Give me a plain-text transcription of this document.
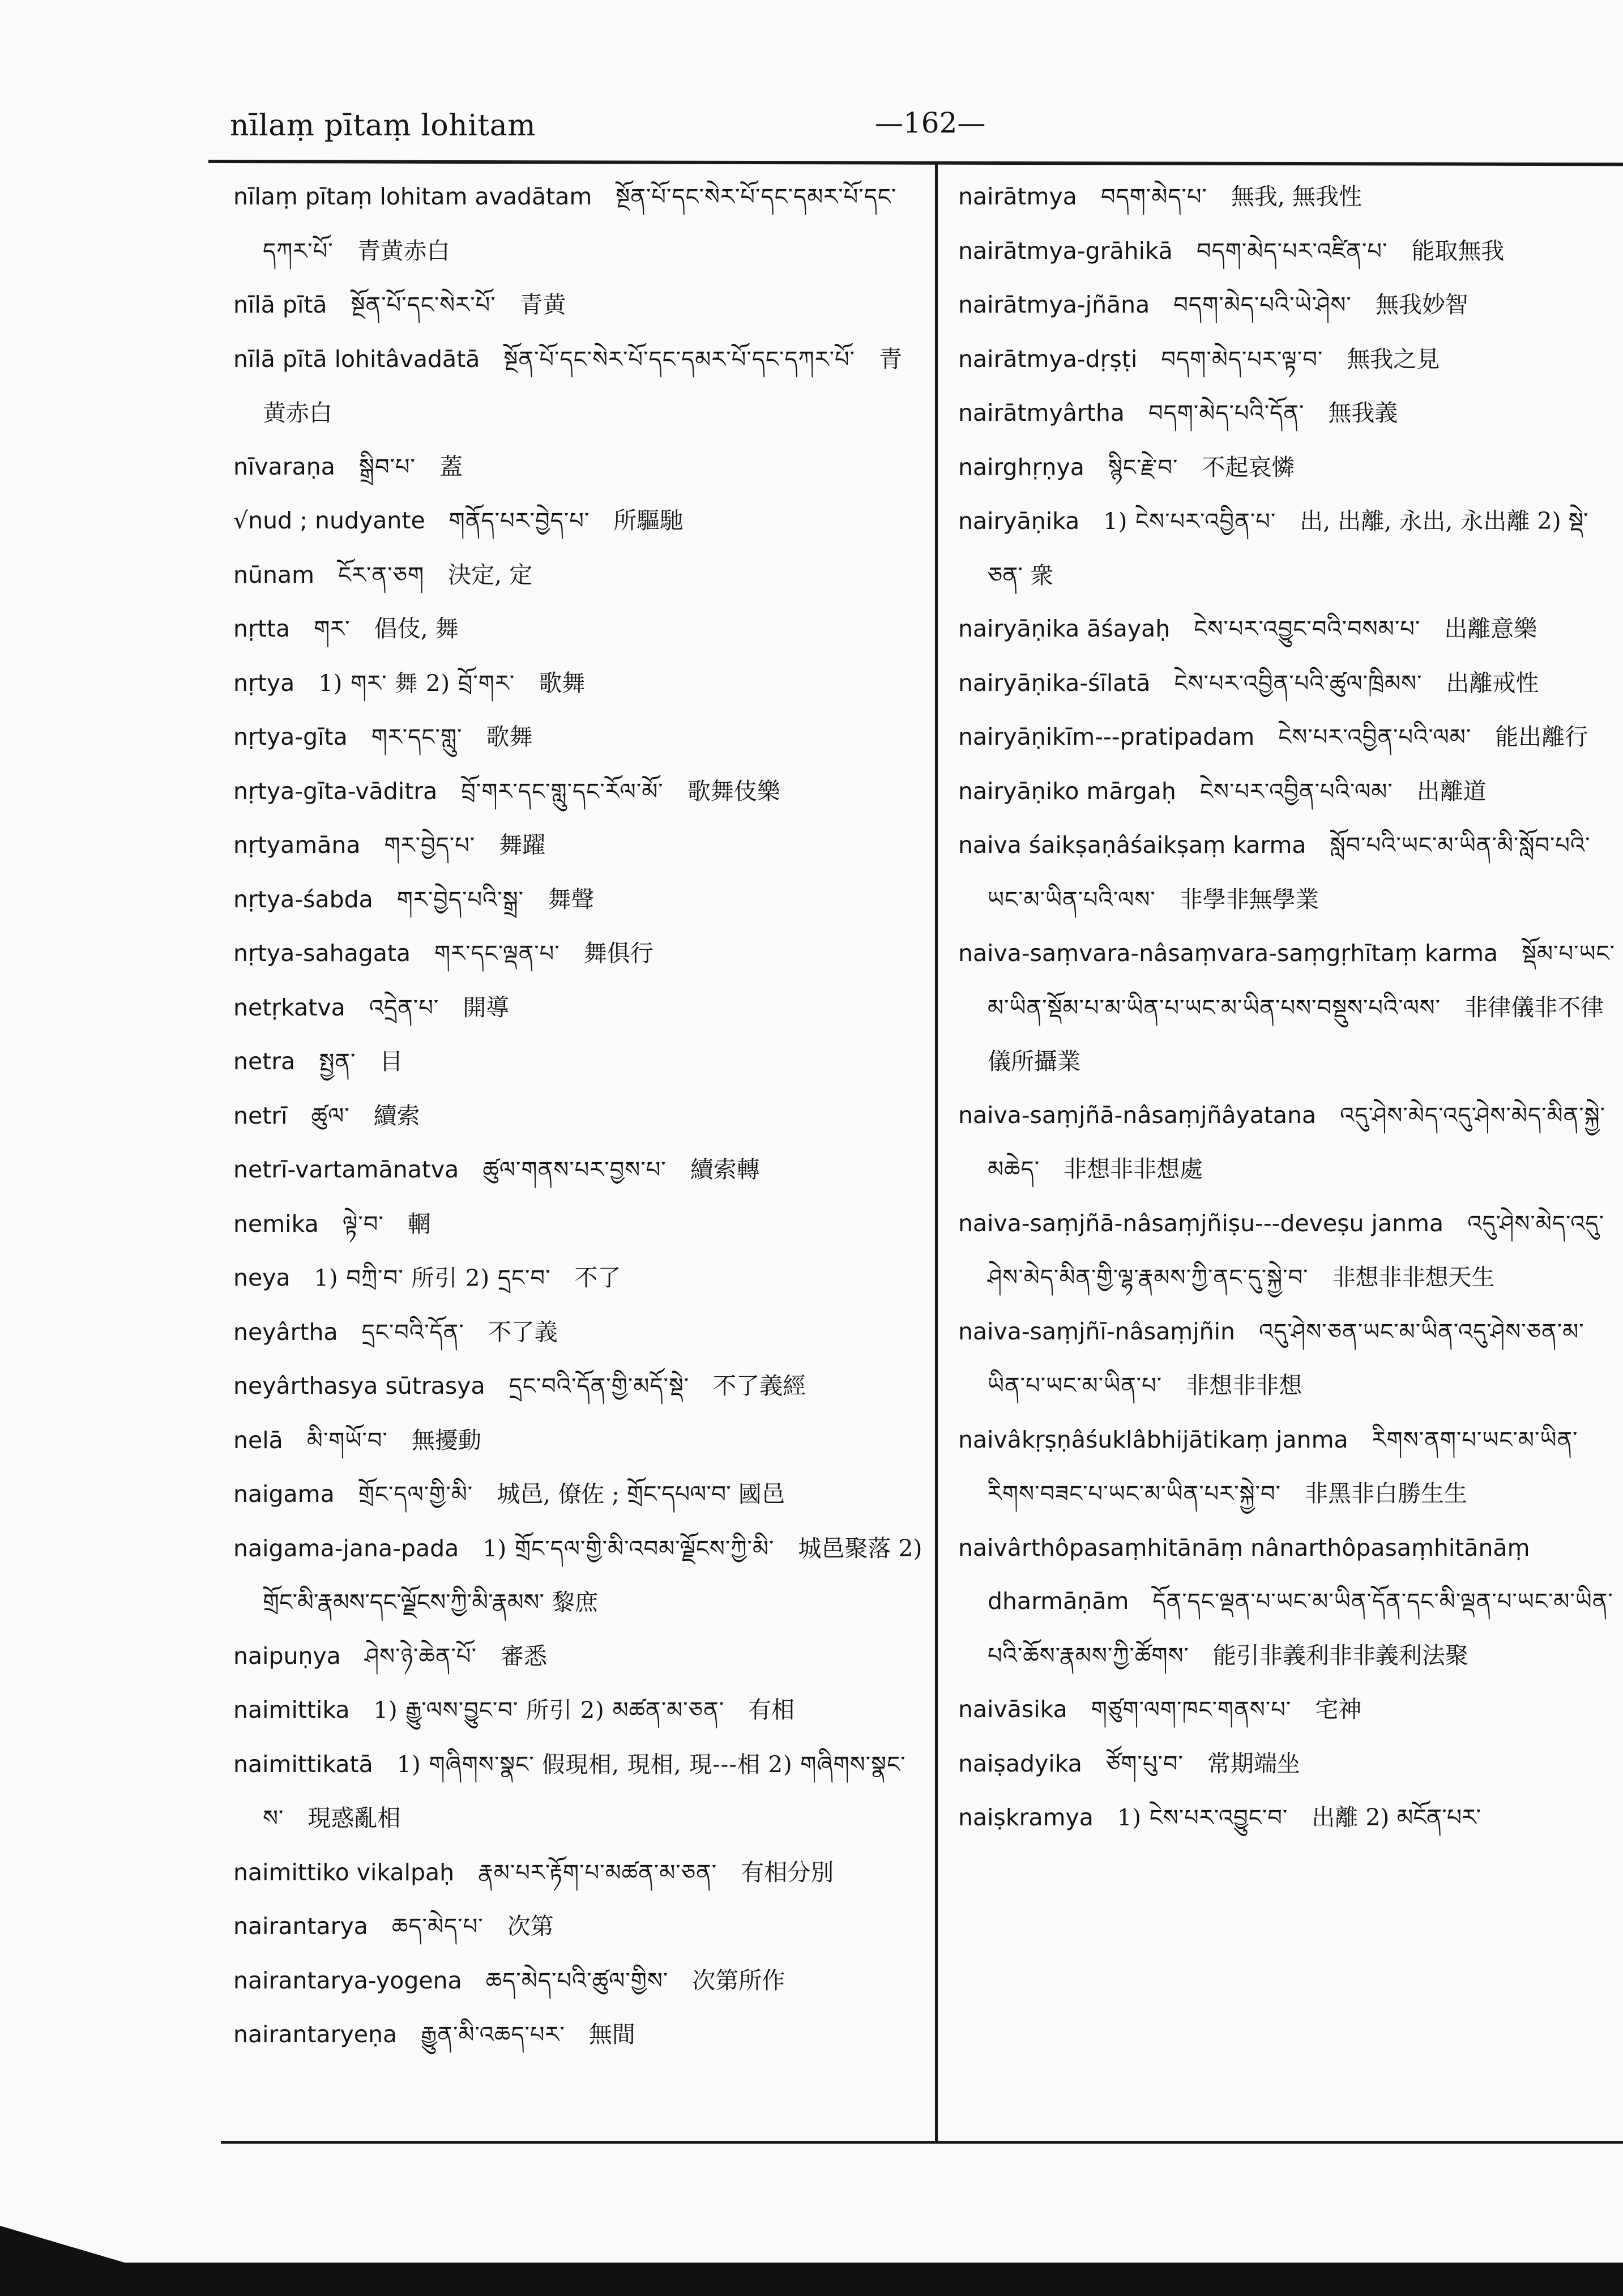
nīlaṃ pītaṃ lohitam	—162—

nīlaṃ pītaṃ lohitam avadātam  སྔོན་པོ་དང་སེར་པོ་དང་དམར་པོ་དང་དཀར་པོ་  青黄赤白

nīlā pītā  སྔོན་པོ་དང་སེར་པོ་  青黄

nīlā pītā lohitâvadātā  སྔོན་པོ་དང་སེར་པོ་དང་དམར་པོ་དང་དཀར་པོ་  青黄赤白

nīvaraṇa  སྒྲིབ་པ་  蓋

√nud ; nudyante  གནོད་པར་བྱེད་པ་  所驅馳

nūnam  ངོར་ན་ཅག  決定, 定

nṛtta  གར་  倡伎, 舞

nṛtya  1) གར་ 舞 2) བྲོ་གར་  歌舞

nṛtya-gīta  གར་དང་གླུ་  歌舞

nṛtya-gīta-vāditra  བྲོ་གར་དང་གླུ་དང་རོལ་མོ་  歌舞伎樂

nṛtyamāna  གར་བྱེད་པ་  舞躍

nṛtya-śabda  གར་བྱེད་པའི་སྒྲ་  舞聲

nṛtya-sahagata  གར་དང་ལྡན་པ་  舞俱行

netṛkatva  འདྲེན་པ་  開導

netra  སྤྱན་  目

netrī  ཚུལ་  續索

netrī-vartamānatva  ཚུལ་གནས་པར་བྱས་པ་  續索轉

nemika  ལྟེ་བ་  輞

neya  1) བཀྲི་བ་ 所引 2) དྲང་བ་  不了

neyârtha  དྲང་བའི་དོན་  不了義

neyârthasya sūtrasya  དྲང་བའི་དོན་གྱི་མདོ་སྡེ་  不了義經

nelā  མི་གཡོ་བ་  無擾動

naigama  གྲོང་དལ་གྱི་མི་  城邑, 僚佐 ; གྲོང་དཔལ་བ་ 國邑

naigama-jana-pada  1) གྲོང་དལ་གྱི་མི་འབམ་ལྗོངས་ཀྱི་མི་  城邑聚落 2) གྲོང་མི་རྣམས་དང་ལྗོངས་ཀྱི་མི་རྣམས་ 黎庶

naipuṇya  ཤེས་ཉེ་ཆེན་པོ་  審悉

naimittika  1) རྒྱུ་ལས་བྱུང་བ་ 所引 2) མཚན་མ་ཅན་  有相

naimittikatā  1) གཞིགས་སྣང་ 假現相, 現相, 現---相 2) གཞིགས་སྣང་ས་  現惑亂相

naimittiko vikalpaḥ  རྣམ་པར་རྟོག་པ་མཚན་མ་ཅན་  有相分別

nairantarya  ཆད་མེད་པ་  次第

nairantarya-yogena  ཆད་མེད་པའི་ཚུལ་གྱིས་  次第所作

nairantaryeṇa  རྒྱུན་མི་འཆད་པར་  無間

nairātmya  བདག་མེད་པ་  無我, 無我性

nairātmya-grāhikā  བདག་མེད་པར་འཛིན་པ་  能取無我

nairātmya-jñāna  བདག་མེད་པའི་ཡེ་ཤེས་  無我妙智

nairātmya-dṛṣṭi  བདག་མེད་པར་ལྟ་བ་  無我之見

nairātmyârtha  བདག་མེད་པའི་དོན་  無我義

nairghṛṇya  སྙིང་རྗེ་བ་  不起哀憐

nairyāṇika  1) ངེས་པར་འབྱིན་པ་  出, 出離, 永出, 永出離 2) སྡེ་ཅན་ 衆

nairyāṇika āśayaḥ  ངེས་པར་འབྱུང་བའི་བསམ་པ་  出離意樂

nairyāṇika-śīlatā  ངེས་པར་འབྱིན་པའི་ཚུལ་ཁྲིམས་  出離戒性

nairyāṇikīm---pratipadam  ངེས་པར་འབྱིན་པའི་ལམ་  能出離行

nairyāṇiko mārgaḥ  ངེས་པར་འབྱིན་པའི་ལམ་  出離道

naiva śaikṣaṇâśaikṣaṃ karma  སློབ་པའི་ཡང་མ་ཡིན་མི་སློབ་པའི་ཡང་མ་ཡིན་པའི་ལས་  非學非無學業

naiva-saṃvara-nâsaṃvara-saṃgṛhītaṃ karma  སྡོམ་པ་ཡང་མ་ཡིན་སྡོམ་པ་མ་ཡིན་པ་ཡང་མ་ཡིན་པས་བསྡུས་པའི་ལས་  非律儀非不律儀所攝業

naiva-saṃjñā-nâsaṃjñâyatana  འདུ་ཤེས་མེད་འདུ་ཤེས་མེད་མིན་སྐྱེ་མཆེད་  非想非非想處

naiva-saṃjñā-nâsaṃjñiṣu---deveṣu janma  འདུ་ཤེས་མེད་འདུ་ཤེས་མེད་མིན་གྱི་ལྷ་རྣམས་ཀྱི་ནང་དུ་སྐྱེ་བ་  非想非非想天生

naiva-saṃjñī-nâsaṃjñin  འདུ་ཤེས་ཅན་ཡང་མ་ཡིན་འདུ་ཤེས་ཅན་མ་ཡིན་པ་ཡང་མ་ཡིན་པ་  非想非非想

naivâkṛṣṇâśuklâbhijātikaṃ janma  རིགས་ནག་པ་ཡང་མ་ཡིན་རིགས་བཟང་པ་ཡང་མ་ཡིན་པར་སྐྱེ་བ་  非黑非白勝生生

naivârthôpasaṃhitānāṃ nânarthôpasaṃhitānāṃ dharmāṇām  དོན་དང་ལྡན་པ་ཡང་མ་ཡིན་དོན་དང་མི་ལྡན་པ་ཡང་མ་ཡིན་པའི་ཆོས་རྣམས་ཀྱི་ཚོགས་  能引非義利非非義利法聚

naivāsika  གཙུག་ལག་ཁང་གནས་པ་  宅神

naiṣadyika  ཙོག་པུ་བ་  常期端坐

naiṣkramya  1) ངེས་པར་འབྱུང་བ་  出離 2) མངོན་པར་
